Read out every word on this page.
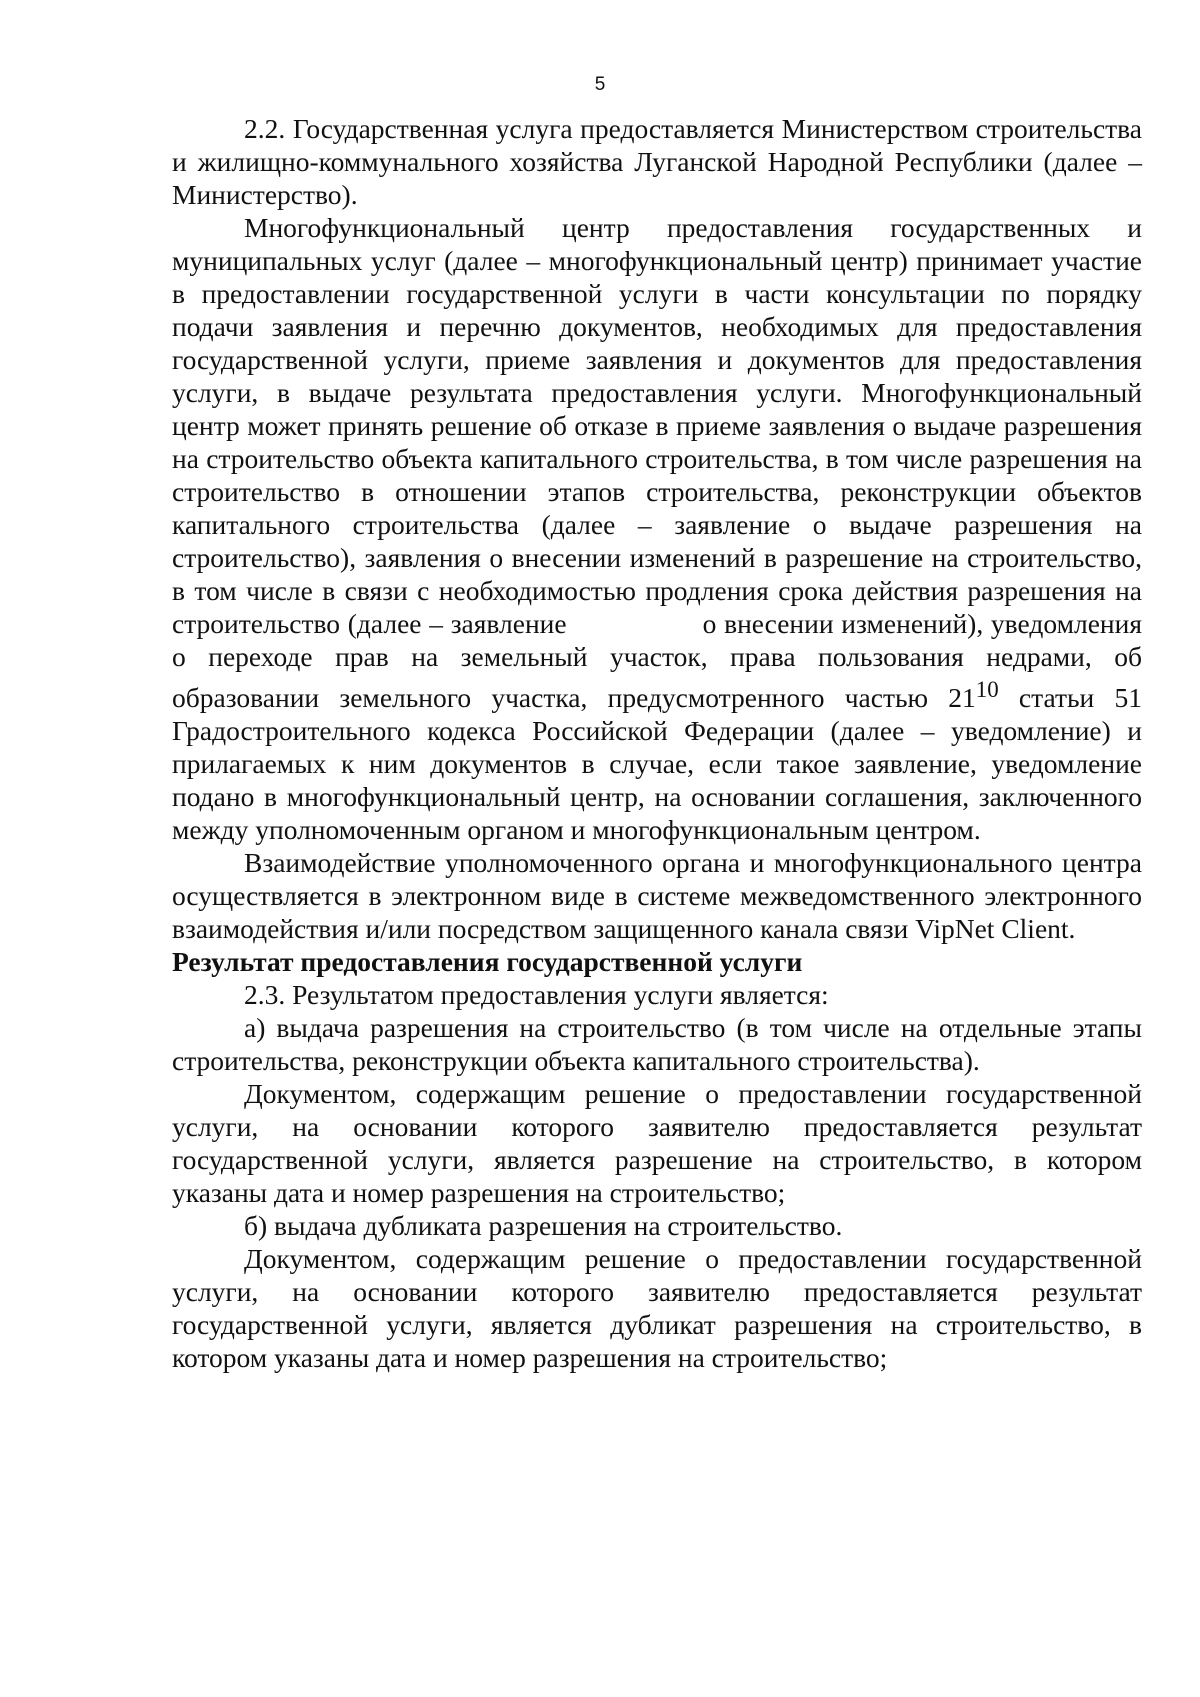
5

2.2. Государственная услуга предоставляется Министерством строительства и жилищно-коммунального хозяйства Луганской Народной Республики (далее – Министерство).

Многофункциональный центр предоставления государственных и муниципальных услуг (далее – многофункциональный центр) принимает участие в предоставлении государственной услуги в части консультации по порядку подачи заявления и перечню документов, необходимых для предоставления государственной услуги, приеме заявления и документов для предоставления услуги, в выдаче результата предоставления услуги. Многофункциональный центр может принять решение об отказе в приеме заявления о выдаче разрешения на строительство объекта капитального строительства, в том числе разрешения на строительство в отношении этапов строительства, реконструкции объектов капитального строительства (далее – заявление о выдаче разрешения на строительство), заявления о внесении изменений в разрешение на строительство, в том числе в связи с необходимостью продления срока действия разрешения на строительство (далее – заявление	о внесении изменений), уведомления о переходе прав на земельный участок, права пользования недрами, об образовании земельного участка, предусмотренного частью $21^{10}$ статьи 51 Градостроительного кодекса Российской Федерации (далее – уведомление) и прилагаемых к ним документов в случае, если такое заявление, уведомление подано в многофункциональный центр, на основании соглашения, заключенного между уполномоченным органом и многофункциональным центром.

Взаимодействие уполномоченного органа и многофункционального центра осуществляется в электронном виде в системе межведомственного электронного взаимодействия и/или посредством защищенного канала связи VipNet Client.

Результат предоставления государственной услуги

2.3. Результатом предоставления услуги является:

а) выдача разрешения на строительство (в том числе на отдельные этапы строительства, реконструкции объекта капитального строительства).

Документом, содержащим решение о предоставлении государственной услуги, на основании которого заявителю предоставляется результат государственной услуги, является разрешение на строительство, в котором указаны дата и номер разрешения на строительство;

б) выдача дубликата разрешения на строительство.

Документом, содержащим решение о предоставлении государственной услуги, на основании которого заявителю предоставляется результат государственной услуги, является дубликат разрешения на строительство, в котором указаны дата и номер разрешения на строительство;
